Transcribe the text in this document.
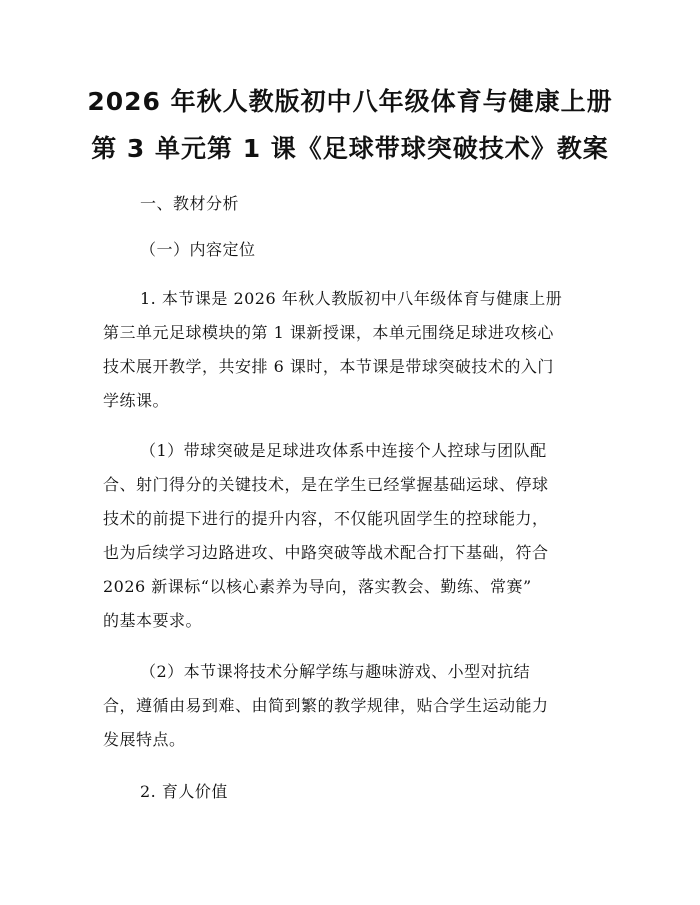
2026 年秋人教版初中八年级体育与健康上册
第 3 单元第 1 课《足球带球突破技术》教案
一、教材分析
（一）内容定位
1. 本节课是 2026 年秋人教版初中八年级体育与健康上册
第三单元足球模块的第 1 课新授课，本单元围绕足球进攻核心
技术展开教学，共安排 6 课时，本节课是带球突破技术的入门
学练课。
（1）带球突破是足球进攻体系中连接个人控球与团队配
合、射门得分的关键技术，是在学生已经掌握基础运球、停球
技术的前提下进行的提升内容，不仅能巩固学生的控球能力，
也为后续学习边路进攻、中路突破等战术配合打下基础，符合
2026 新课标“以核心素养为导向，落实教会、勤练、常赛”
的基本要求。
（2）本节课将技术分解学练与趣味游戏、小型对抗结
合，遵循由易到难、由简到繁的教学规律，贴合学生运动能力
发展特点。
2. 育人价值
